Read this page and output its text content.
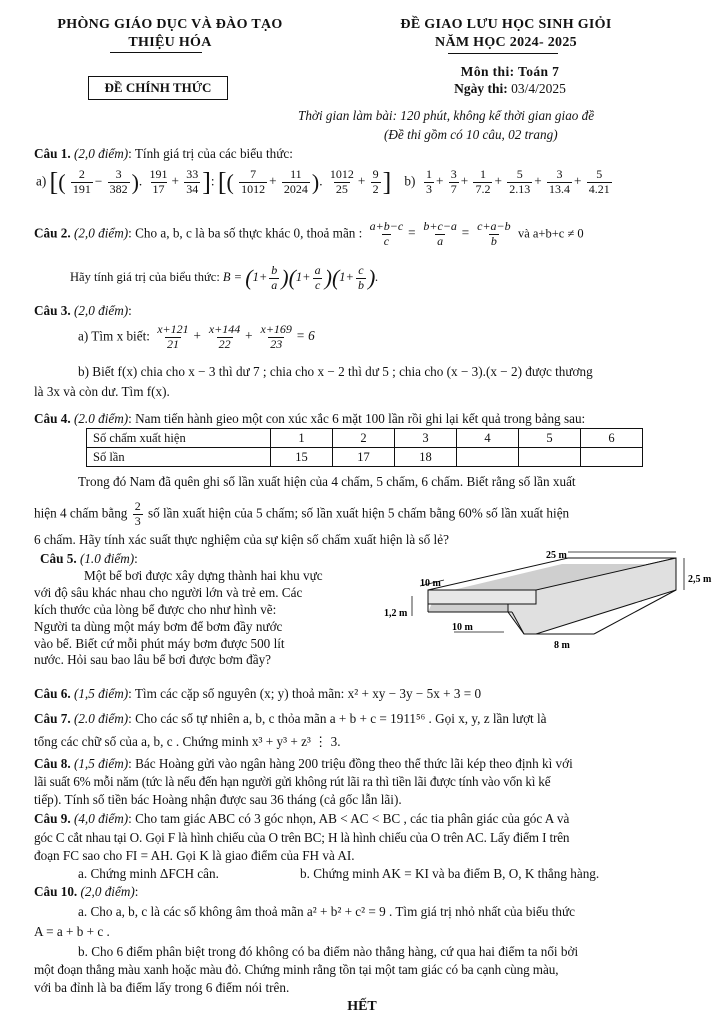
PHÒNG GIÁO DỤC VÀ ĐÀO TẠO
THIỆU HÓA
ĐỀ GIAO LƯU HỌC SINH GIỎI
NĂM HỌC 2024- 2025
ĐỀ CHÍNH THỨC
Môn thi: Toán 7
Ngày thi: 03/4/2025
Thời gian làm bài: 120 phút, không kể thời gian giao đề
(Đề thi gồm có 10 câu, 02 trang)
Câu 1. (2,0 điểm): Tính giá trị của các biểu thức:
a) [( $\frac{2}{191} - \frac{3}{382}$ ). $\frac{191}{17} + \frac{33}{34}$ ]: [( $\frac{7}{1012} + \frac{11}{2024}$ ). $\frac{1012}{25} + \frac{9}{2}$ ] $b) \frac{1}{3} + \frac{3}{7} + \frac{1}{7.2} + \frac{5}{2.13} + \frac{3}{13.4} + \frac{5}{4.21}$
Câu 2. (2,0 điểm): Cho a, b, c là ba số thực khác 0, thoả mãn : $\frac{a+b-c}{c} = \frac{b+c-a}{a} = \frac{c+a-b}{b}$ và a+b+c ≠ 0
Hãy tính giá trị của biểu thức: $B = (1+ \frac{b}{a} )(1+ \frac{a}{c} )(1+ \frac{c}{b}$ ).
Câu 3. (2,0 điểm):
a) Tìm x biết: $\frac{x+121}{21} + \frac{x+144}{22} + \frac{x+169}{23} = 6$
b) Biết f(x) chia cho x − 3 thì dư 7 ; chia cho x − 2 thì dư 5 ; chia cho (x − 3).(x − 2) được thương
là 3x và còn dư. Tìm f(x).
Câu 4. (2.0 điểm): Nam tiến hành gieo một con xúc xắc 6 mặt 100 lần rồi ghi lại kết quả trong bảng sau:
Số chấm xuất hiện	1	2	3	4	5	6
Số lần	15	17	18			
Trong đó Nam đã quên ghi số lần xuất hiện của 4 chấm, 5 chấm, 6 chấm. Biết rằng số lần xuất
hiện 4 chấm bằng $\frac{2}{3}$ số lần xuất hiện của 5 chấm; số lần xuất hiện 5 chấm bằng 60% số lần xuất hiện
6 chấm. Hãy tính xác suất thực nghiệm của sự kiện số chấm xuất hiện là số lẻ?
Câu 5. (1.0 điểm):
Một bể bơi được xây dựng thành hai khu vực
với độ sâu khác nhau cho người lớn và trẻ em. Các
kích thước của lòng bể được cho như hình vẽ:
Người ta dùng một máy bơm để bơm đầy nước
vào bể. Biết cứ mỗi phút máy bơm được 500 lít
nước. Hỏi sau bao lâu bể bơi được bơm đầy?
25 m
2,5 m
10 m
1,2 m
10 m
8 m
Câu 6. (1,5 điểm): Tìm các cặp số nguyên (x; y) thoả mãn: x² + xy − 3y − 5x + 3 = 0
Câu 7. (2.0 điểm): Cho các số tự nhiên a, b, c thỏa mãn a + b + c = 1911⁵⁶ . Gọi x, y, z lần lượt là
tổng các chữ số của a, b, c . Chứng minh x³ + y³ + z³ ⋮ 3.
Câu 8. (1,5 điểm): Bác Hoàng gửi vào ngân hàng 200 triệu đồng theo thể thức lãi kép theo định kì với
lãi suất 6% mỗi năm (tức là nếu đến hạn người gửi không rút lãi ra thì tiền lãi được tính vào vốn kì kế
tiếp). Tính số tiền bác Hoàng nhận được sau 36 tháng (cả gốc lẫn lãi).
Câu 9. (4,0 điểm): Cho tam giác ABC có 3 góc nhọn, AB < AC < BC , các tia phân giác của góc A và
góc C cắt nhau tại O. Gọi F là hình chiếu của O trên BC; H là hình chiếu của O trên AC. Lấy điểm I trên
đoạn FC sao cho FI = AH. Gọi K là giao điểm của FH và AI.
a. Chứng minh ΔFCH cân.	b. Chứng minh AK = KI và ba điểm B, O, K thẳng hàng.
Câu 10. (2,0 điểm):
a. Cho a, b, c là các số không âm thoả mãn a² + b² + c² = 9 . Tìm giá trị nhỏ nhất của biểu thức
A = a + b + c .
b. Cho 6 điểm phân biệt trong đó không có ba điểm nào thẳng hàng, cứ qua hai điểm ta nối bởi
một đoạn thẳng màu xanh hoặc màu đỏ. Chứng minh rằng tồn tại một tam giác có ba cạnh cùng màu,
với ba đỉnh là ba điểm lấy trong 6 điểm nói trên.
HẾT
